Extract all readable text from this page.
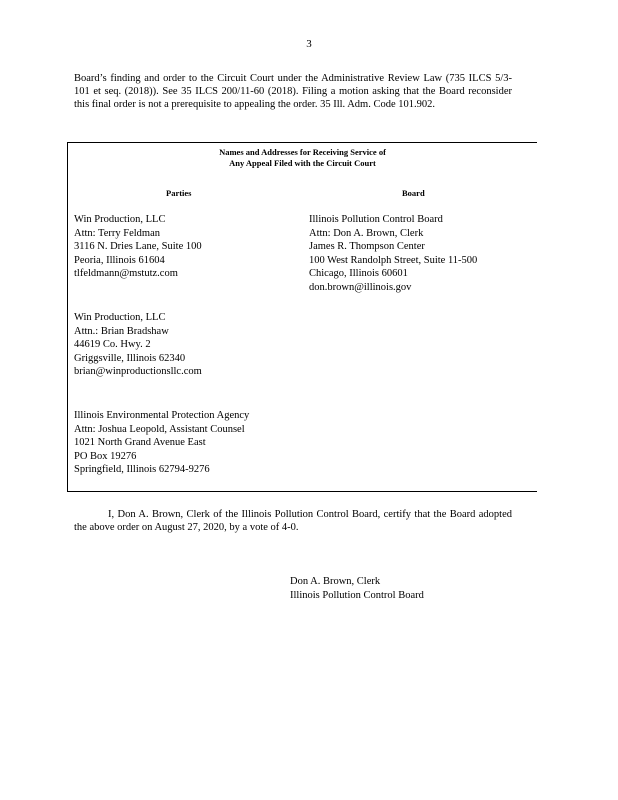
3
Board’s finding and order to the Circuit Court under the Administrative Review Law (735 ILCS 5/3-101 et seq. (2018)). See 35 ILCS 200/11-60 (2018). Filing a motion asking that the Board reconsider this final order is not a prerequisite to appealing the order. 35 Ill. Adm. Code 101.902.
Names and Addresses for Receiving Service of
Any Appeal Filed with the Circuit Court
Parties	Board
Win Production, LLC
Attn: Terry Feldman
3116 N. Dries Lane, Suite 100
Peoria, Illinois 61604
tlfeldmann@mstutz.com
Win Production, LLC
Attn.: Brian Bradshaw
44619 Co. Hwy. 2
Griggsville, Illinois 62340
brian@winproductionsllc.com
Illinois Environmental Protection Agency
Attn: Joshua Leopold, Assistant Counsel
1021 North Grand Avenue East
PO Box 19276
Springfield, Illinois 62794-9276
Illinois Pollution Control Board
Attn: Don A. Brown, Clerk
James R. Thompson Center
100 West Randolph Street, Suite 11-500
Chicago, Illinois 60601
don.brown@illinois.gov
I, Don A. Brown, Clerk of the Illinois Pollution Control Board, certify that the Board adopted the above order on August 27, 2020, by a vote of 4-0.
Don A. Brown, Clerk
Illinois Pollution Control Board
